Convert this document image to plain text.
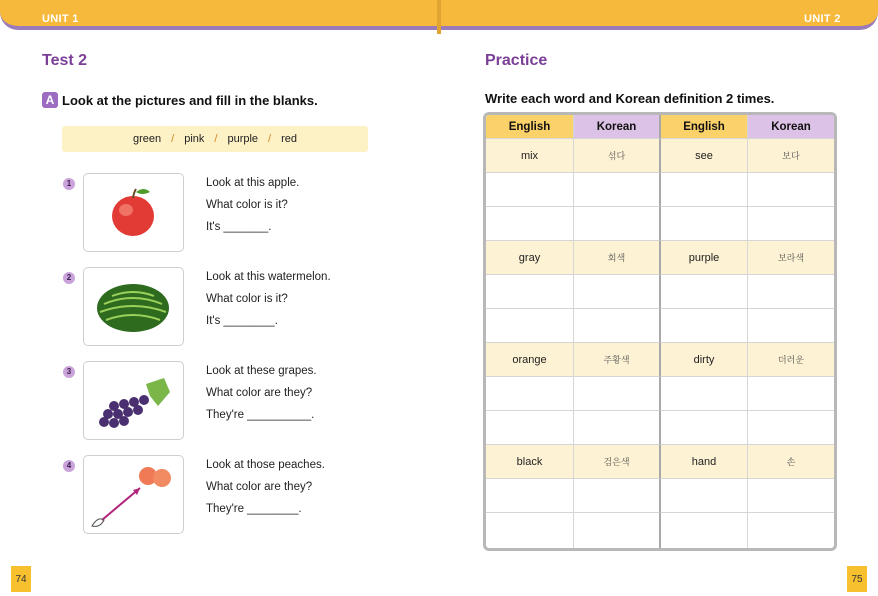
UNIT 1	UNIT 2
Test 2
A Look at the pictures and fill in the blanks.
green / pink / purple / red
1	Look at this apple.
What color is it?
It's _______.
2	Look at this watermelon.
What color is it?
It's ________.
3	Look at these grapes.
What color are they?
They're __________.
4	Look at those peaches.
What color are they?
They're ________.
74
Practice
Write each word and Korean definition 2 times.
English	Korean	English	Korean
mix	섞다	see	보다
gray	회색	purple	보라색
orange	주황색	dirty	더러운
black	검은색	hand	손
75
